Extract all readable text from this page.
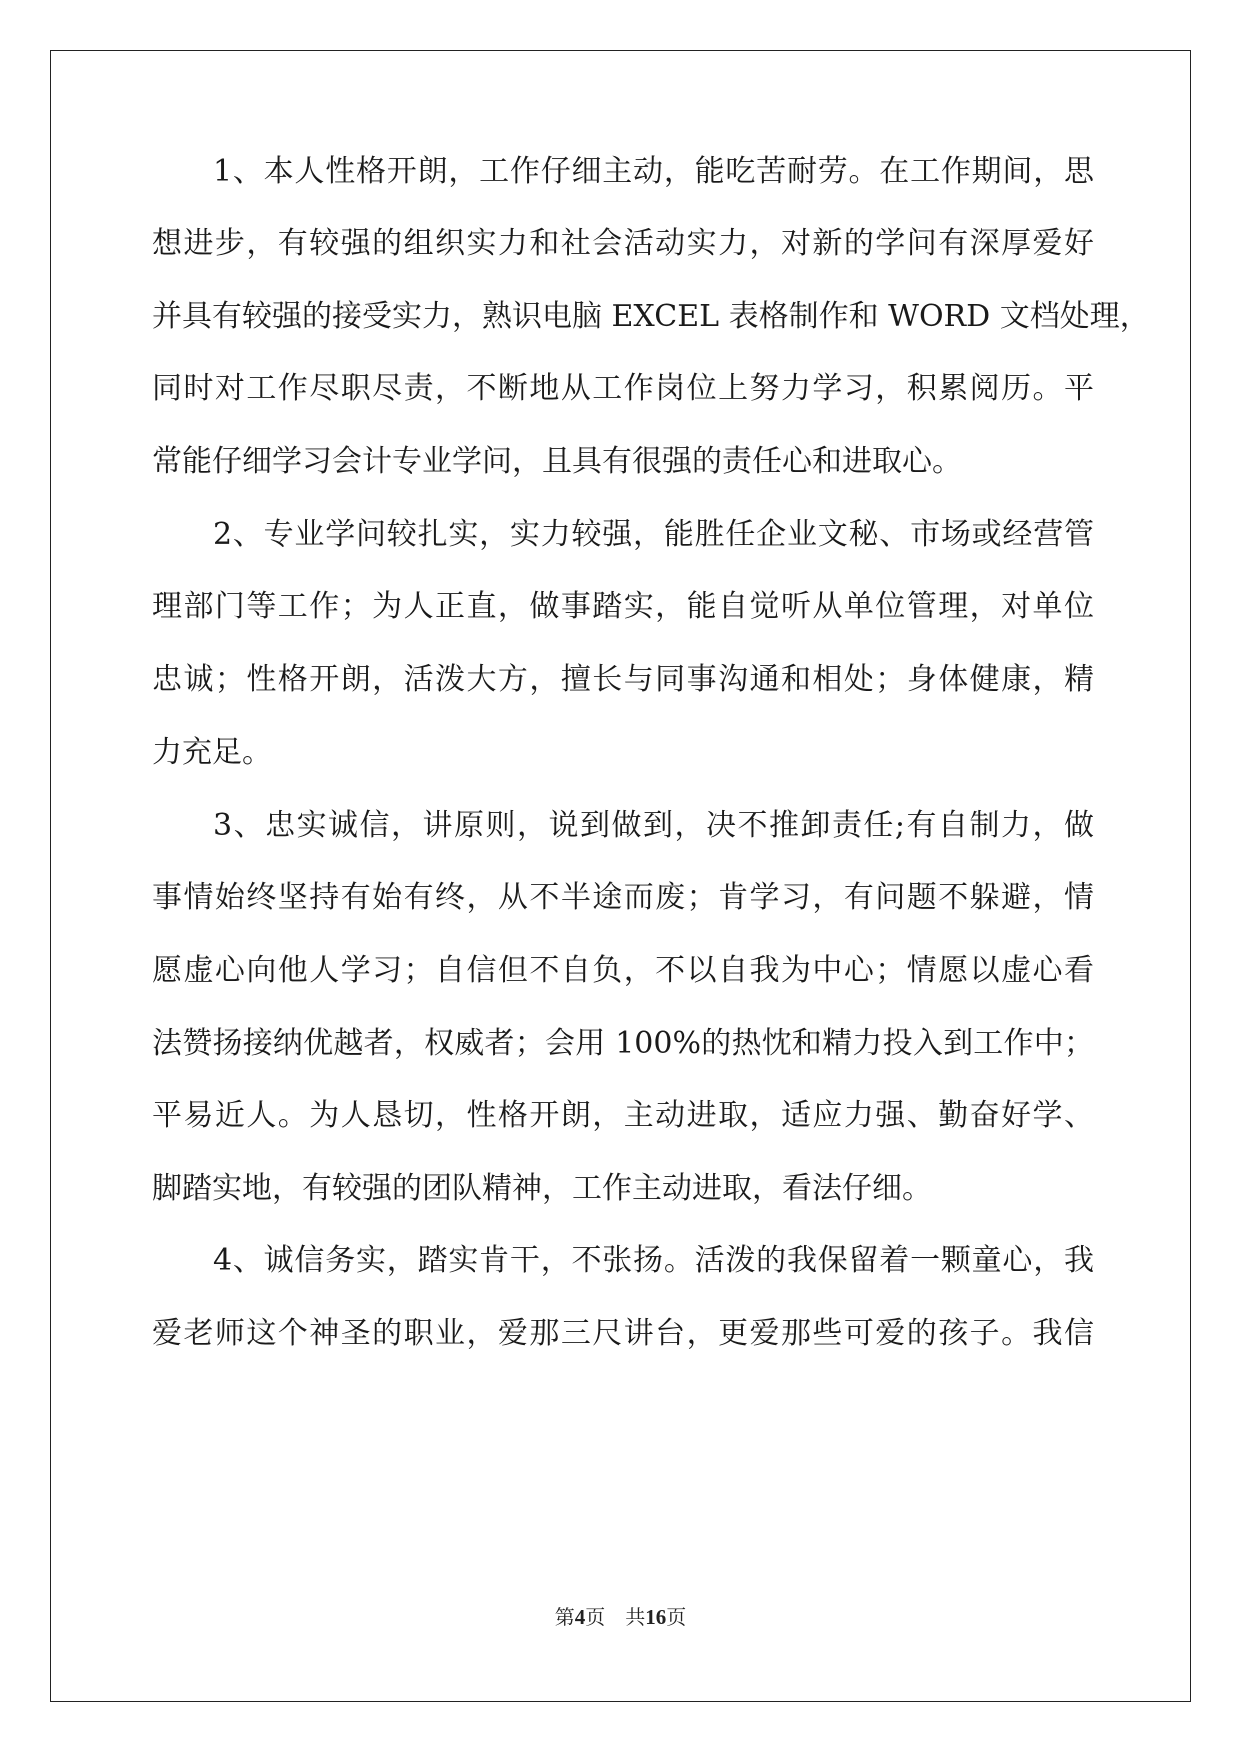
1、本人性格开朗，工作仔细主动，能吃苦耐劳。在工作期间，思
想进步，有较强的组织实力和社会活动实力，对新的学问有深厚爱好
并具有较强的接受实力，熟识电脑 EXCEL 表格制作和 WORD 文档处理，
同时对工作尽职尽责，不断地从工作岗位上努力学习，积累阅历。平
常能仔细学习会计专业学问，且具有很强的责任心和进取心。
2、专业学问较扎实，实力较强，能胜任企业文秘、市场或经营管
理部门等工作；为人正直，做事踏实，能自觉听从单位管理，对单位
忠诚；性格开朗，活泼大方，擅长与同事沟通和相处；身体健康，精
力充足。
3、忠实诚信，讲原则，说到做到，决不推卸责任;有自制力，做
事情始终坚持有始有终，从不半途而废；肯学习，有问题不躲避，情
愿虚心向他人学习；自信但不自负，不以自我为中心；情愿以虚心看
法赞扬接纳优越者，权威者；会用 100%的热忱和精力投入到工作中；
平易近人。为人恳切，性格开朗，主动进取，适应力强、勤奋好学、
脚踏实地，有较强的团队精神，工作主动进取，看法仔细。
4、诚信务实，踏实肯干，不张扬。活泼的我保留着一颗童心，我
爱老师这个神圣的职业，爱那三尺讲台，更爱那些可爱的孩子。我信
第4页 共16页
